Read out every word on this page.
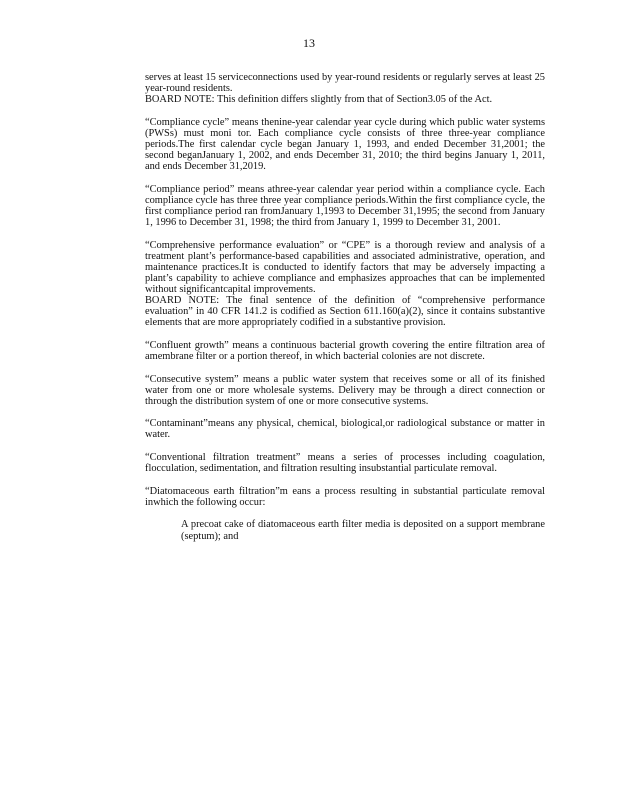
13

serves at least 15 serviceconnections used by year-round residents or regularly serves at least 25 year-round residents.

BOARD NOTE: This definition differs slightly from that of Section3.05 of the Act.

“Compliance cycle” means thenine-year calendar year cycle during which public water systems (PWSs) must moni tor. Each compliance cycle consists of three three-year compliance periods.The first calendar cycle began January 1, 1993, and ended December 31,2001; the second beganJanuary 1, 2002, and ends December 31, 2010; the third begins January 1, 2011, and ends December 31,2019.

“Compliance period” means athree-year calendar year period within a compliance cycle. Each compliance cycle has three three year compliance periods.Within the first compliance cycle, the first compliance period ran fromJanuary 1,1993 to December 31,1995; the second from January 1, 1996 to December 31, 1998; the third from January 1, 1999 to December 31, 2001.

“Comprehensive performance evaluation” or “CPE” is a thorough review and analysis of a treatment plant’s performance-based capabilities and associated administrative, operation, and maintenance practices.It is conducted to identify factors that may be adversely impacting a plant’s capability to achieve compliance and emphasizes approaches that can be implemented without significantcapital improvements.

BOARD NOTE: The final sentence of the definition of “comprehensive performance evaluation” in 40 CFR 141.2 is codified as Section 611.160(a)(2), since it contains substantive elements that are more appropriately codified in a substantive provision.

“Confluent growth” means a continuous bacterial growth covering the entire filtration area of amembrane filter or a portion thereof, in which bacterial colonies are not discrete.

“Consecutive system” means a public water system that receives some or all of its finished water from one or more wholesale systems. Delivery may be through a direct connection or through the distribution system of one or more consecutive systems.

“Contaminant”means any physical, chemical, biological,or radiological substance or matter in water.

“Conventional filtration treatment” means a series of processes including coagulation, flocculation, sedimentation, and filtration resulting insubstantial particulate removal.

“Diatomaceous earth filtration”m eans a process resulting in substantial particulate removal inwhich the following occur:

A precoat cake of diatomaceous earth filter media is deposited on a support membrane (septum); and
